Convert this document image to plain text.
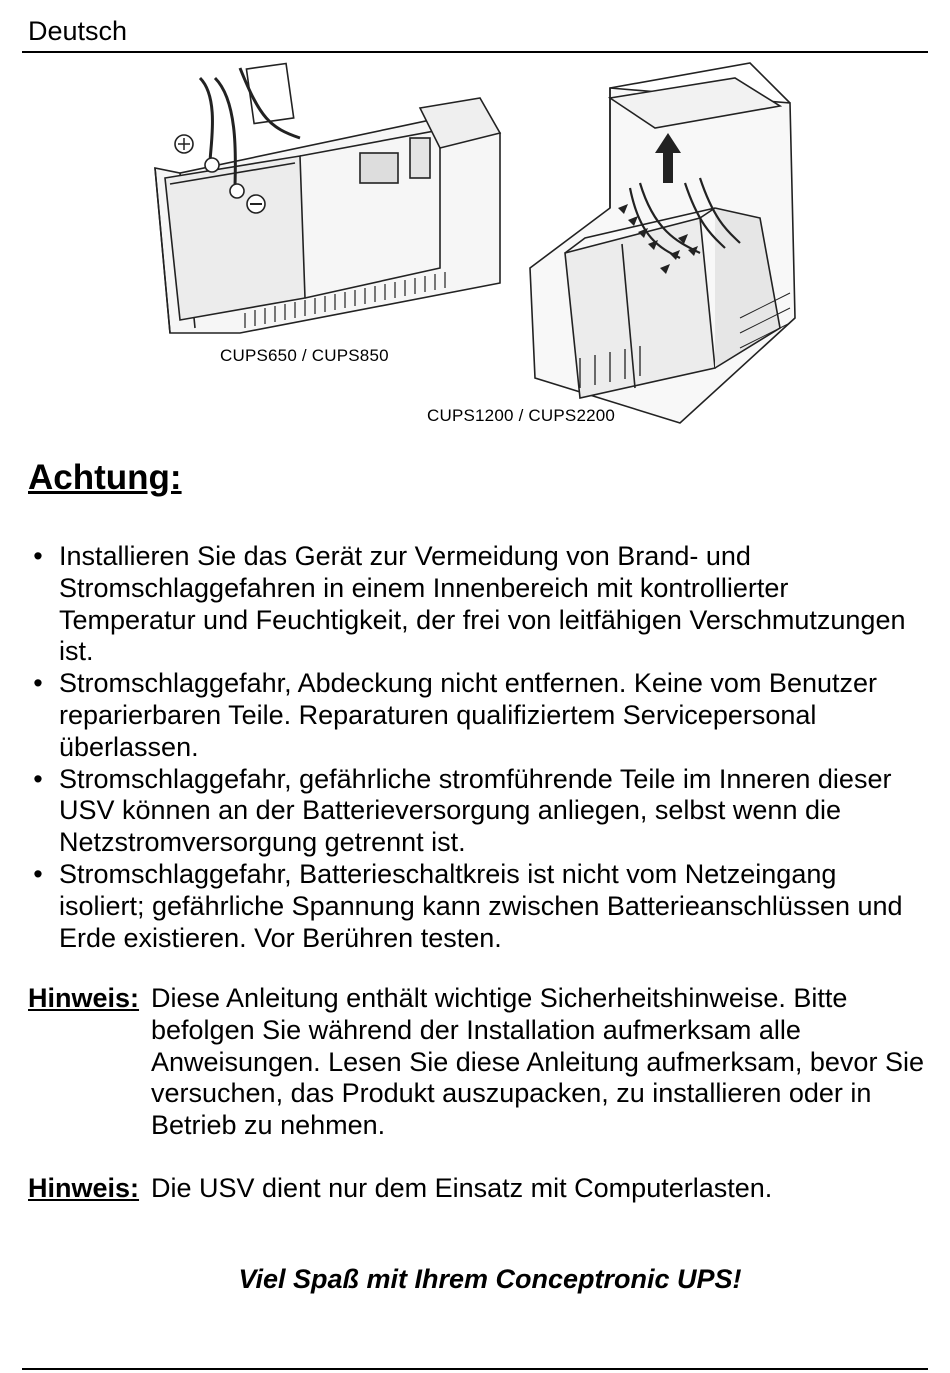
Deutsch
CUPS650 / CUPS850
CUPS1200 / CUPS2200
Achtung:
• Installieren Sie das Gerät zur Vermeidung von Brand- und Stromschlaggefahren in einem Innenbereich mit kontrollierter Temperatur und Feuchtigkeit, der frei von leitfähigen Verschmutzungen ist.
• Stromschlaggefahr, Abdeckung nicht entfernen. Keine vom Benutzer reparierbaren Teile. Reparaturen qualifiziertem Servicepersonal überlassen.
• Stromschlaggefahr, gefährliche stromführende Teile im Inneren dieser USV können an der Batterieversorgung anliegen, selbst wenn die Netzstromversorgung getrennt ist.
• Stromschlaggefahr, Batterieschaltkreis ist nicht vom Netzeingang isoliert; gefährliche Spannung kann zwischen Batterieanschlüssen und Erde existieren. Vor Berühren testen.
Hinweis: Diese Anleitung enthält wichtige Sicherheitshinweise. Bitte befolgen Sie während der Installation aufmerksam alle Anweisungen. Lesen Sie diese Anleitung aufmerksam, bevor Sie versuchen, das Produkt auszupacken, zu installieren oder in Betrieb zu nehmen.
Hinweis: Die USV dient nur dem Einsatz mit Computerlasten.
Viel Spaß mit Ihrem Conceptronic UPS!
